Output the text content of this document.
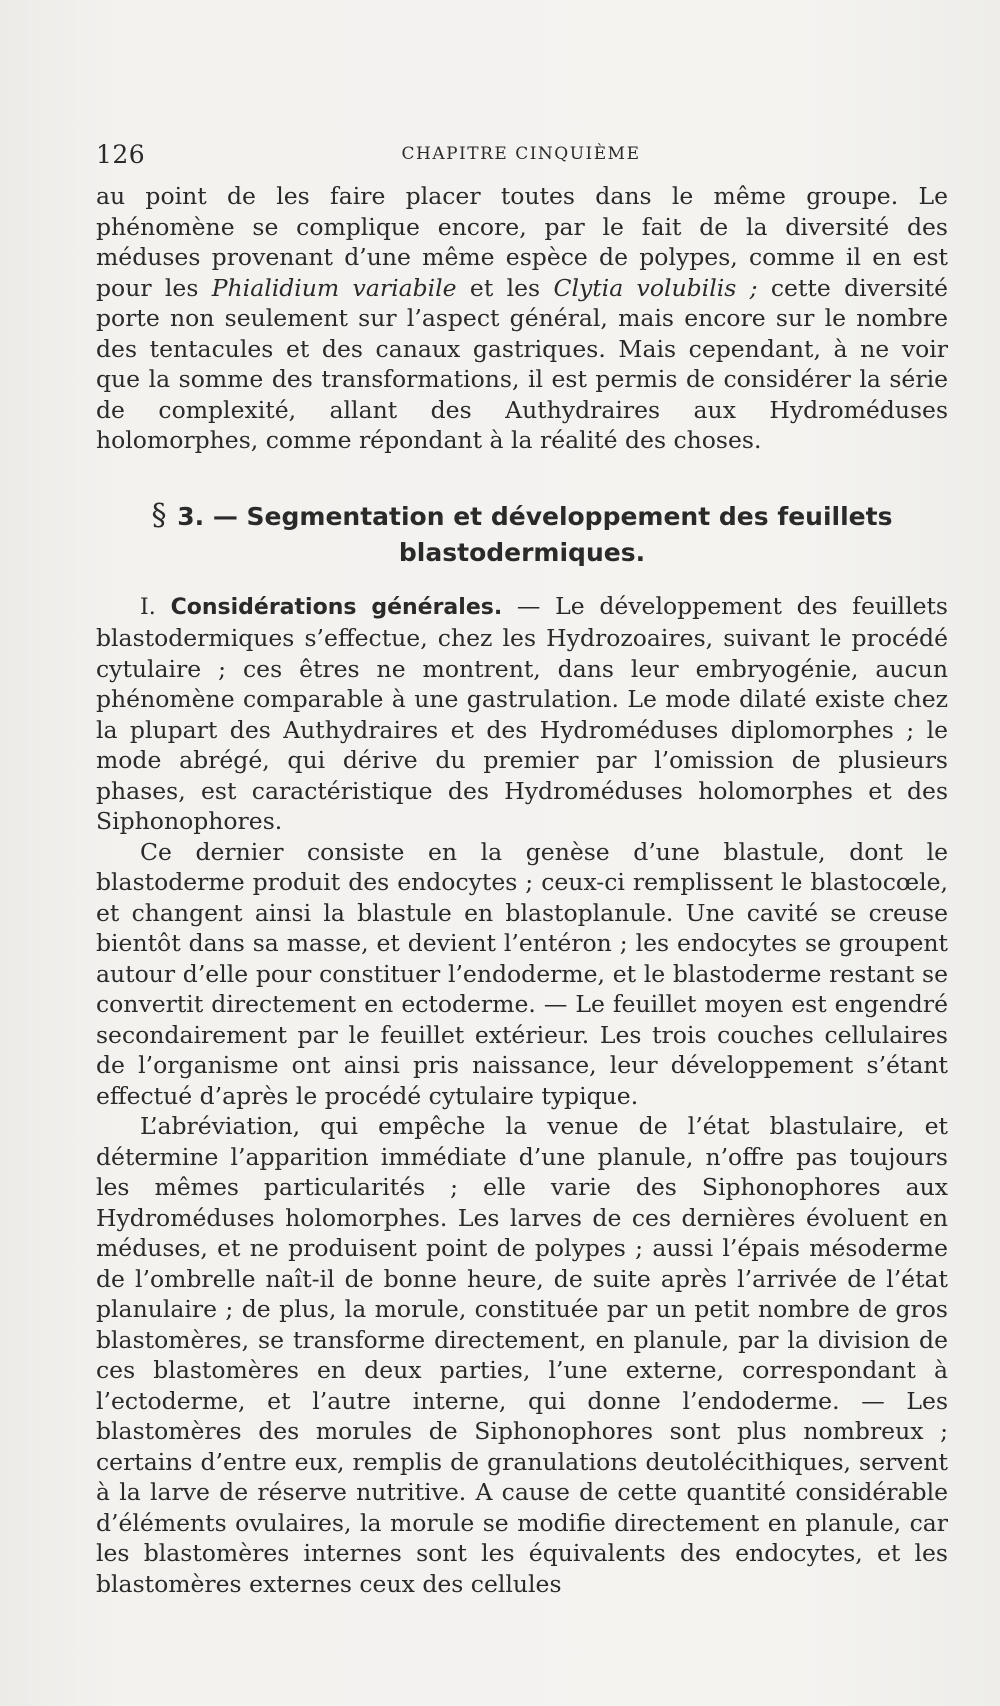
126	CHAPITRE CINQUIÈME

au point de les faire placer toutes dans le même groupe. Le phénomène se complique encore, par le fait de la diversité des méduses provenant d’une même espèce de polypes, comme il en est pour les Phialidium variabile et les Clytia volubilis ; cette diversité porte non seulement sur l’aspect général, mais encore sur le nombre des tentacules et des canaux gastriques. Mais cependant, à ne voir que la somme des transformations, il est permis de considérer la série de complexité, allant des Authydraires aux Hydroméduses holomorphes, comme répondant à la réalité des choses.

§ 3. — Segmentation et développement des feuillets blastodermiques.

I. Considérations générales. — Le développement des feuillets blastodermiques s’effectue, chez les Hydrozoaires, suivant le procédé cytulaire ; ces êtres ne montrent, dans leur embryogénie, aucun phénomène comparable à une gastrulation. Le mode dilaté existe chez la plupart des Authydraires et des Hydroméduses diplomorphes ; le mode abrégé, qui dérive du premier par l’omission de plusieurs phases, est caractéristique des Hydroméduses holomorphes et des Siphonophores.

Ce dernier consiste en la genèse d’une blastule, dont le blastoderme produit des endocytes ; ceux-ci remplissent le blastocœle, et changent ainsi la blastule en blastoplanule. Une cavité se creuse bientôt dans sa masse, et devient l’entéron ; les endocytes se groupent autour d’elle pour constituer l’endoderme, et le blastoderme restant se convertit directement en ectoderme. — Le feuillet moyen est engendré secondairement par le feuillet extérieur. Les trois couches cellulaires de l’organisme ont ainsi pris naissance, leur développement s’étant effectué d’après le procédé cytulaire typique.

L’abréviation, qui empêche la venue de l’état blastulaire, et détermine l’apparition immédiate d’une planule, n’offre pas toujours les mêmes particularités ; elle varie des Siphonophores aux Hydroméduses holomorphes. Les larves de ces dernières évoluent en méduses, et ne produisent point de polypes ; aussi l’épais mésoderme de l’ombrelle naît-il de bonne heure, de suite après l’arrivée de l’état planulaire ; de plus, la morule, constituée par un petit nombre de gros blastomères, se transforme directement, en planule, par la division de ces blastomères en deux parties, l’une externe, correspondant à l’ectoderme, et l’autre interne, qui donne l’endoderme. — Les blastomères des morules de Siphonophores sont plus nombreux ; certains d’entre eux, remplis de granulations deutolécithiques, servent à la larve de réserve nutritive. A cause de cette quantité considérable d’éléments ovulaires, la morule se modifie directement en planule, car les blastomères internes sont les équivalents des endocytes, et les blastomères externes ceux des cellules
